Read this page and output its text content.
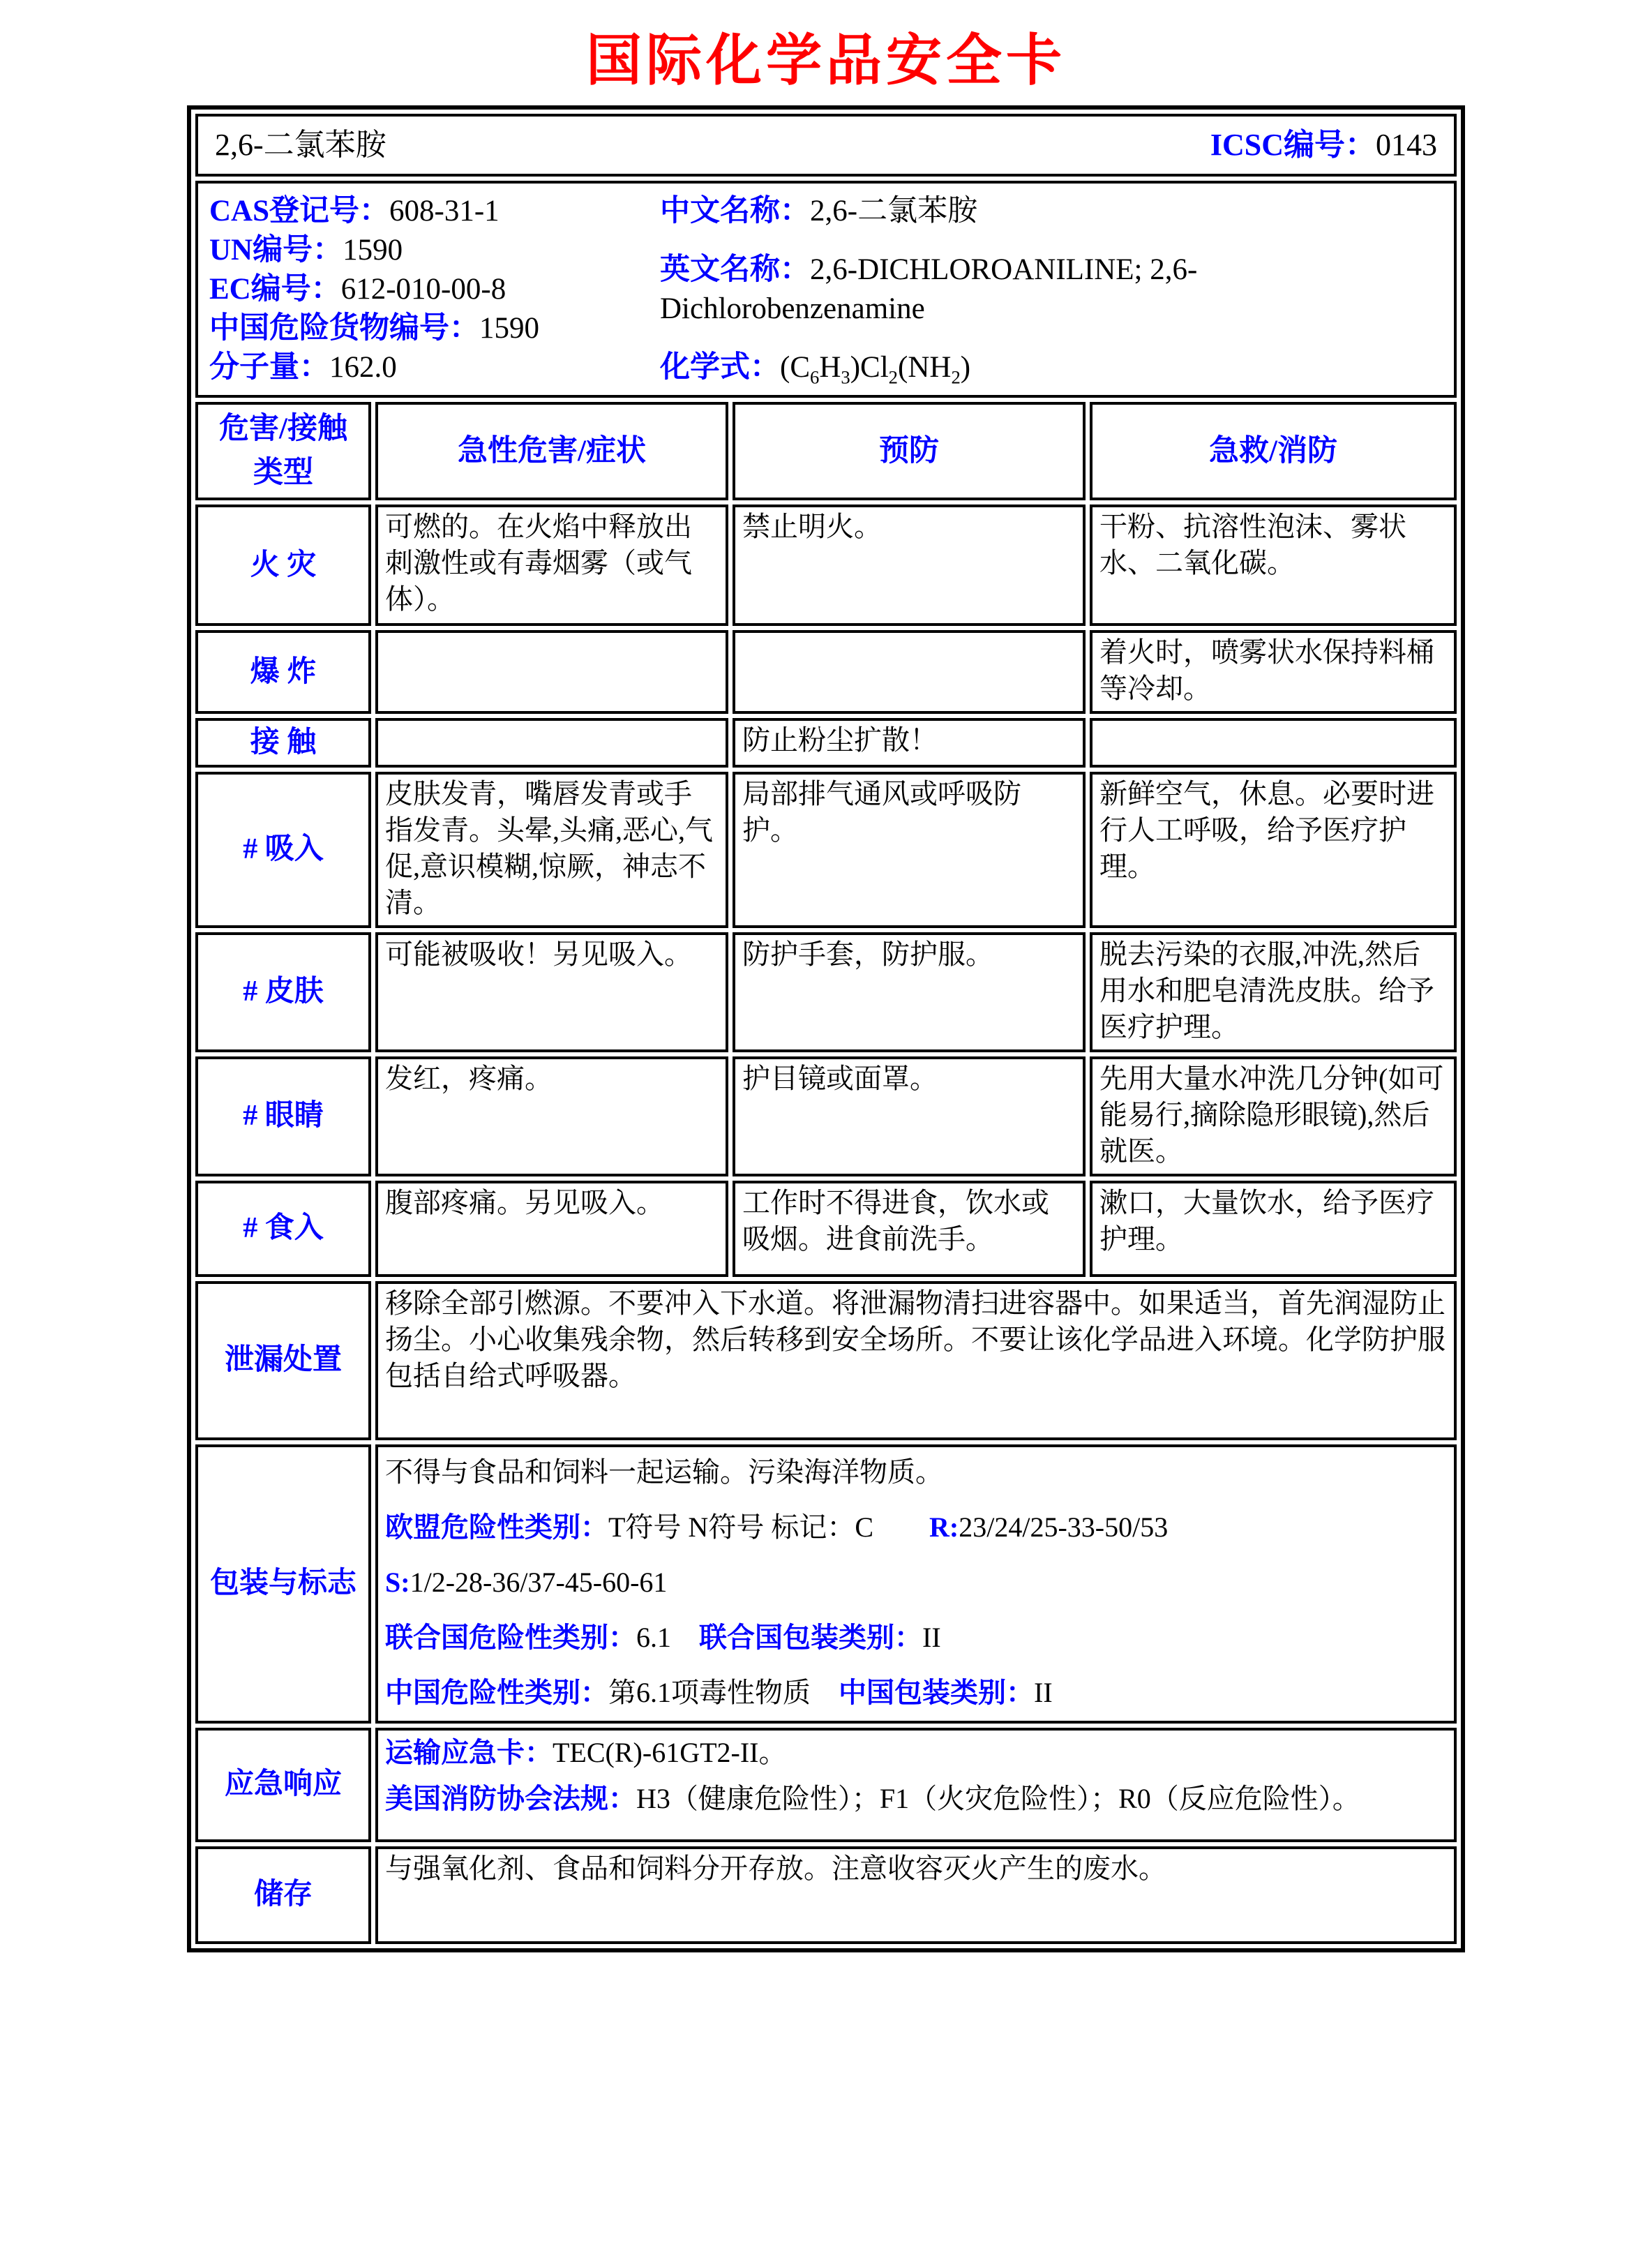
国际化学品安全卡
2,6-二氯苯胺 ICSC编号：0143			

CAS登记号：608-31-1
UN编号：1590
EC编号：612-010-00-8
中国危险货物编号：1590
分子量：162.0
中文名称：2,6-二氯苯胺
英文名称：2,6-DICHLOROANILINE; 2,6-Dichlorobenzenamine
化学式：$(C_6H_3)Cl_2(NH_2)$

危害/接触
类型	急性危害/症状	预防	急救/消防
火 灾	可燃的。在火焰中释放出刺激性或有毒烟雾（或气体）。	禁止明火。	干粉、抗溶性泡沫、雾状水、二氧化碳。
爆 炸			着火时，喷雾状水保持料桶等冷却。
接 触		防止粉尘扩散！	
# 吸入	皮肤发青，嘴唇发青或手指发青。头晕,头痛,恶心,气促,意识模糊,惊厥，神志不清。	局部排气通风或呼吸防护。	新鲜空气，休息。必要时进行人工呼吸，给予医疗护理。
# 皮肤	可能被吸收！另见吸入。	防护手套，防护服。	脱去污染的衣服,冲洗,然后用水和肥皂清洗皮肤。给予医疗护理。
# 眼睛	发红，疼痛。	护目镜或面罩。	先用大量水冲洗几分钟(如可能易行,摘除隐形眼镜),然后就医。
# 食入	腹部疼痛。另见吸入。	工作时不得进食，饮水或吸烟。进食前洗手。	漱口，大量饮水，给予医疗护理。
泄漏处置	移除全部引燃源。不要冲入下水道。将泄漏物清扫进容器中。如果适当，首先润湿防止扬尘。小心收集残余物，然后转移到安全场所。不要让该化学品进入环境。化学防护服包括自给式呼吸器。		
包装与标志	不得与食品和饲料一起运输。污染海洋物质。
欧盟危险性类别：T符号 N符号 标记：C　　R:23/24/25-33-50/53
S:1/2-28-36/37-45-60-61
联合国危险性类别：6.1　联合国包装类别：II
中国危险性类别：第6.1项毒性物质　中国包装类别：II		

应急响应	运输应急卡：TEC(R)-61GT2-II。
美国消防协会法规：H3（健康危险性）；F1（火灾危险性）；R0（反应危险性）。		

储存	与强氧化剂、食品和饲料分开存放。注意收容灭火产生的废水。		
